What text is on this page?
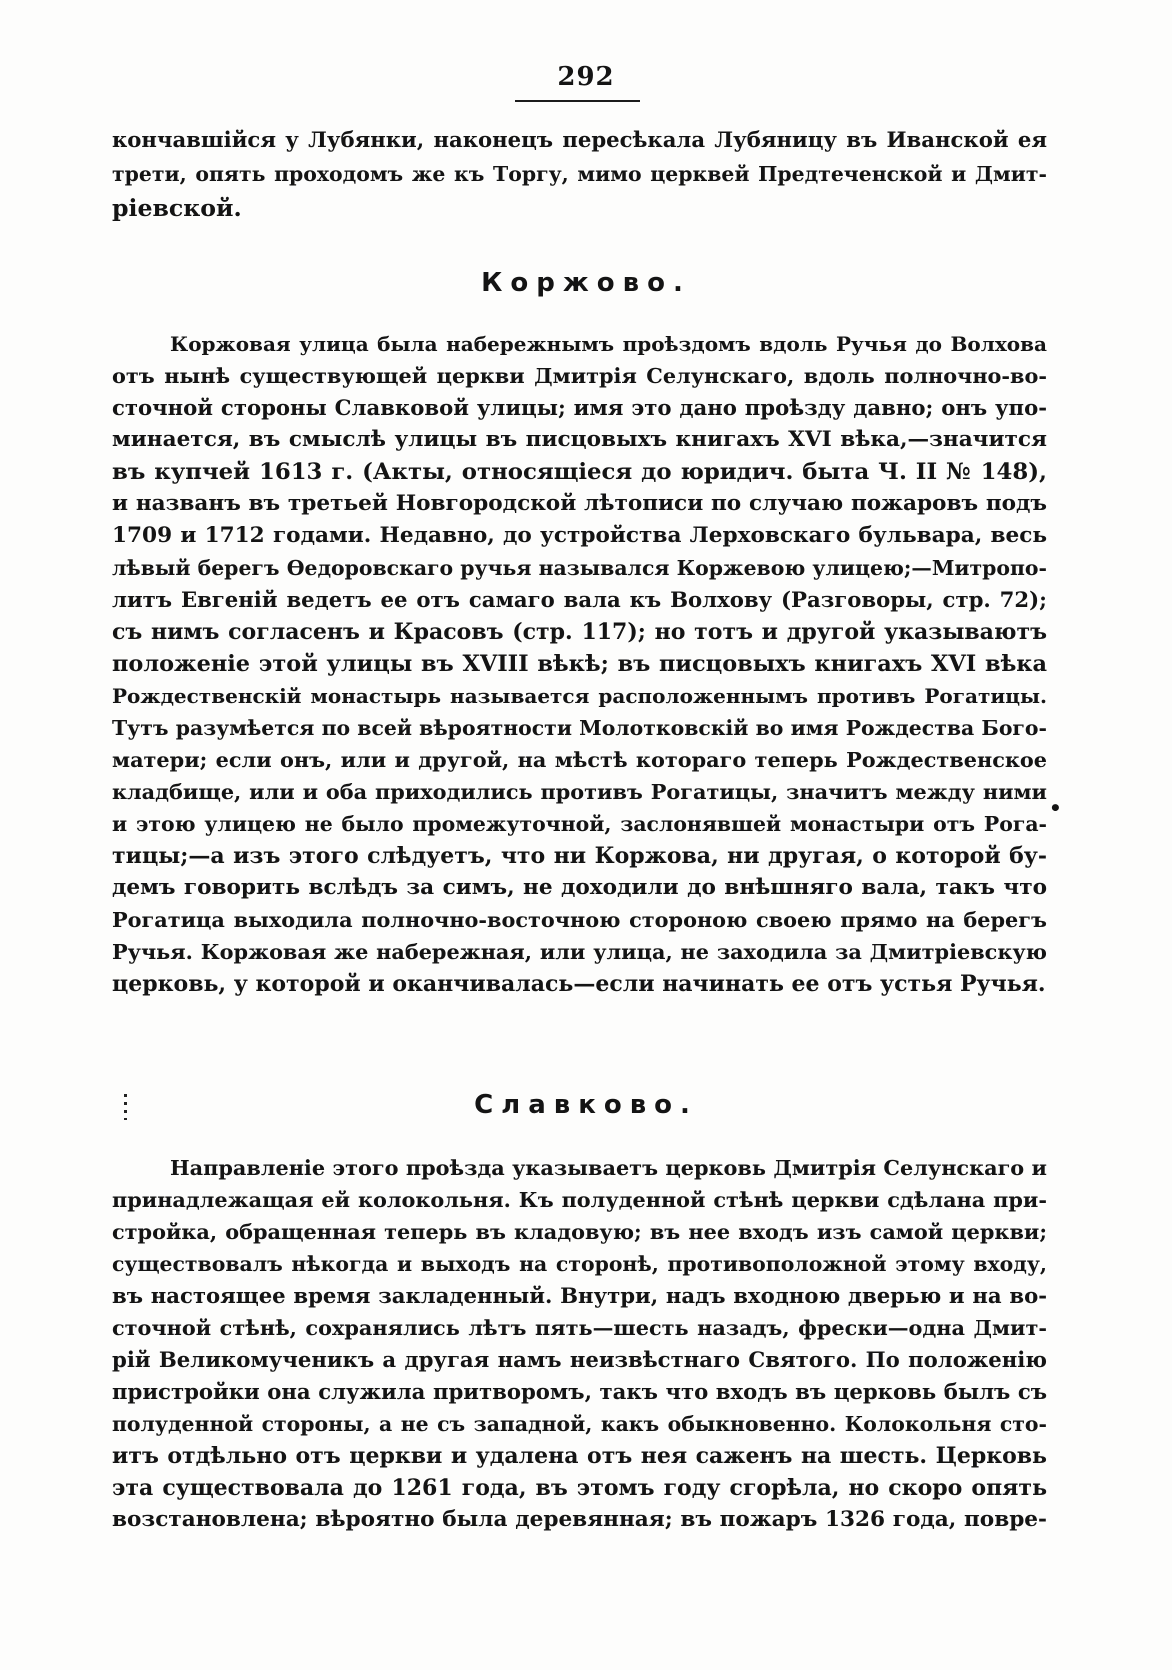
292
кончавшійся у Лубянки, наконецъ пересѣкала Лубяницу въ Иванской ея
трети, опять проходомъ же къ Торгу, мимо церквей Предтеченской и Дмит-
ріевской.
Коржово.
Коржовая улица была набережнымъ проѣздомъ вдоль Ручья до Волхова
отъ нынѣ существующей церкви Дмитрія Селунскаго, вдоль полночно-во-
сточной стороны Славковой улицы; имя это дано проѣзду давно; онъ упо-
минается, въ смыслѣ улицы въ писцовыхъ книгахъ XVI вѣка,—значится
въ купчей 1613 г. (Акты, относящіеся до юридич. быта Ч. II № 148),
и названъ въ третьей Новгородской лѣтописи по случаю пожаровъ подъ
1709 и 1712 годами. Недавно, до устройства Лерховскаго бульвара, весь
лѣвый берегъ Ѳедоровскаго ручья назывался Коржевою улицею;—Митропо-
литъ Евгеній ведетъ ее отъ самаго вала къ Волхову (Разговоры, стр. 72);
съ нимъ согласенъ и Красовъ (стр. 117); но тотъ и другой указываютъ
положеніе этой улицы въ XVIII вѣкѣ; въ писцовыхъ книгахъ XVI вѣка
Рождественскій монастырь называется расположеннымъ противъ Рогатицы.
Тутъ разумѣется по всей вѣроятности Молотковскій во имя Рождества Бого-
матери; если онъ, или и другой, на мѣстѣ котораго теперь Рождественское
кладбище, или и оба приходились противъ Рогатицы, значитъ между ними
и этою улицею не было промежуточной, заслонявшей монастыри отъ Рога-
тицы;—а изъ этого слѣдуетъ, что ни Коржова, ни другая, о которой бу-
демъ говорить вслѣдъ за симъ, не доходили до внѣшняго вала, такъ что
Рогатица выходила полночно-восточною стороною своею прямо на берегъ
Ручья. Коржовая же набережная, или улица, не заходила за Дмитріевскую
церковь, у которой и оканчивалась—если начинать ее отъ устья Ручья.
•
Славково.
Направленіе этого проѣзда указываетъ церковь Дмитрія Селунскаго и
принадлежащая ей колокольня. Къ полуденной стѣнѣ церкви сдѣлана при-
стройка, обращенная теперь въ кладовую; въ нее входъ изъ самой церкви;
существовалъ нѣкогда и выходъ на сторонѣ, противоположной этому входу,
въ настоящее время закладенный. Внутри, надъ входною дверью и на во-
сточной стѣнѣ, сохранялись лѣтъ пять—шесть назадъ, фрески—одна Дмит-
рій Великомученикъ а другая намъ неизвѣстнаго Святого. По положенію
пристройки она служила притворомъ, такъ что входъ въ церковь былъ съ
полуденной стороны, а не съ западной, какъ обыкновенно. Колокольня сто-
итъ отдѣльно отъ церкви и удалена отъ нея саженъ на шесть. Церковь
эта существовала до 1261 года, въ этомъ году сгорѣла, но скоро опять
возстановлена; вѣроятно была деревянная; въ пожаръ 1326 года, повре-
